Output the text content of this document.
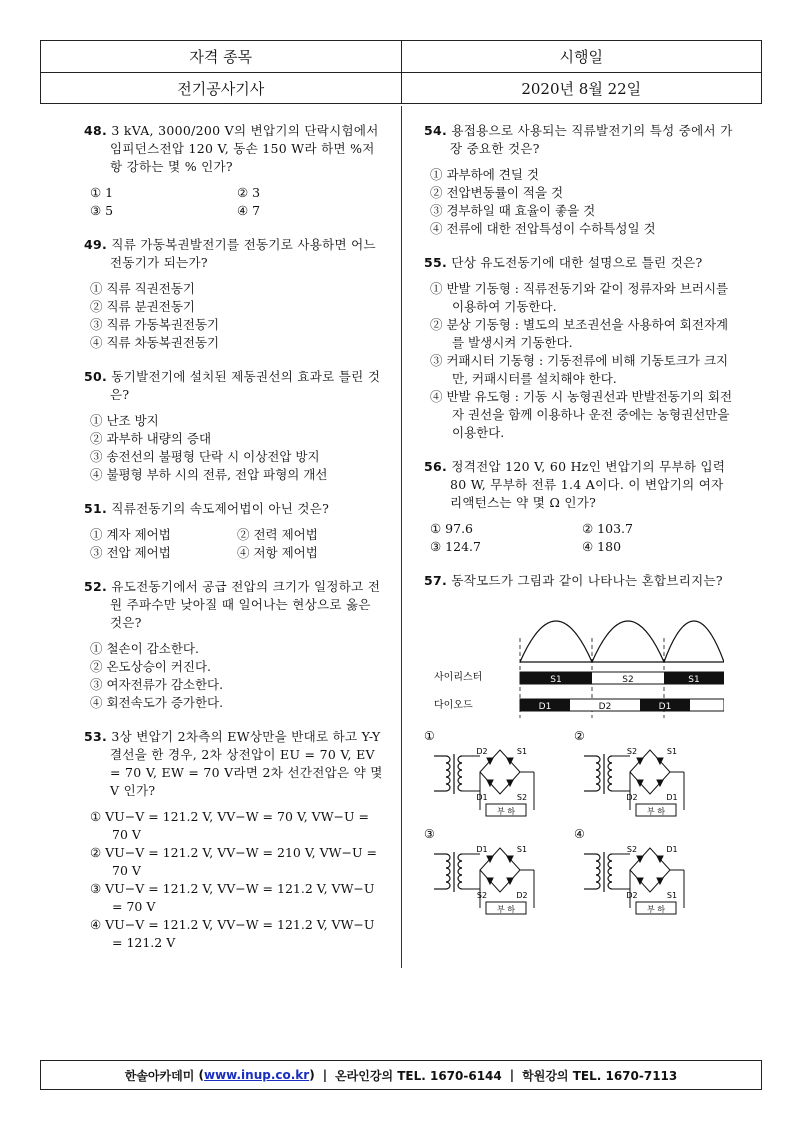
자격 종목	시행일
전기공사기사	2020년 8월 22일
48. 3 kVA, 3000/200 V의 변압기의 단락시험에서 임피던스전압 120 V, 동손 150 W라 하면 %저항 강하는 몇 % 인가?
① 1	② 3
③ 5	④ 7
49. 직류 가동복권발전기를 전동기로 사용하면 어느 전동기가 되는가?
① 직류 직권전동기
② 직류 분권전동기
③ 직류 가동복권전동기
④ 직류 차동복권전동기
50. 동기발전기에 설치된 제동권선의 효과로 틀린 것은?
① 난조 방지
② 과부하 내량의 증대
③ 송전선의 불평형 단락 시 이상전압 방지
④ 불평형 부하 시의 전류, 전압 파형의 개선
51. 직류전동기의 속도제어법이 아닌 것은?
① 계자 제어법	② 전력 제어법
③ 전압 제어법	④ 저항 제어법
52. 유도전동기에서 공급 전압의 크기가 일정하고 전원 주파수만 낮아질 때 일어나는 현상으로 옳은 것은?
① 철손이 감소한다.
② 온도상승이 커진다.
③ 여자전류가 감소한다.
④ 회전속도가 증가한다.
53. 3상 변압기 2차측의 EW상만을 반대로 하고 Y-Y 결선을 한 경우, 2차 상전압이 EU = 70 V, EV = 70 V, EW = 70 V라면 2차 선간전압은 약 몇 V 인가?
① VU−V = 121.2 V, VV−W = 70 V, VW−U = 70 V
② VU−V = 121.2 V, VV−W = 210 V, VW−U = 70 V
③ VU−V = 121.2 V, VV−W = 121.2 V, VW−U = 70 V
④ VU−V = 121.2 V, VV−W = 121.2 V, VW−U = 121.2 V
54. 용접용으로 사용되는 직류발전기의 특성 중에서 가장 중요한 것은?
① 과부하에 견딜 것
② 전압변동률이 적을 것
③ 경부하일 때 효율이 좋을 것
④ 전류에 대한 전압특성이 수하특성일 것
55. 단상 유도전동기에 대한 설명으로 틀린 것은?
① 반발 기동형 : 직류전동기와 같이 정류자와 브러시를 이용하여 기동한다.
② 분상 기동형 : 별도의 보조권선을 사용하여 회전자계를 발생시켜 기동한다.
③ 커패시터 기동형 : 기동전류에 비해 기동토크가 크지만, 커패시터를 설치해야 한다.
④ 반발 유도형 : 기동 시 농형권선과 반발전동기의 회전자 권선을 함께 이용하나 운전 중에는 농형권선만을 이용한다.
56. 정격전압 120 V, 60 Hz인 변압기의 무부하 입력 80 W, 무부하 전류 1.4 A이다. 이 변압기의 여자 리액턴스는 약 몇 Ω 인가?
① 97.6	② 103.7
③ 124.7	④ 180
57. 동작모드가 그림과 같이 나타나는 혼합브리지는?
사이리스터	S1	S2	S1
다이오드	D1	D2	D1
①
부 하
D2	S1
D1	S2
②
부 하
S2	S1
D2	D1
③
부 하
D1	S1
S2	D2
④
부 하
S2	D1
D2	S1
한솔아카데미 ( www.inup.co.kr ) | 온라인강의 TEL. 1670-6144 | 학원강의 TEL. 1670-7113
